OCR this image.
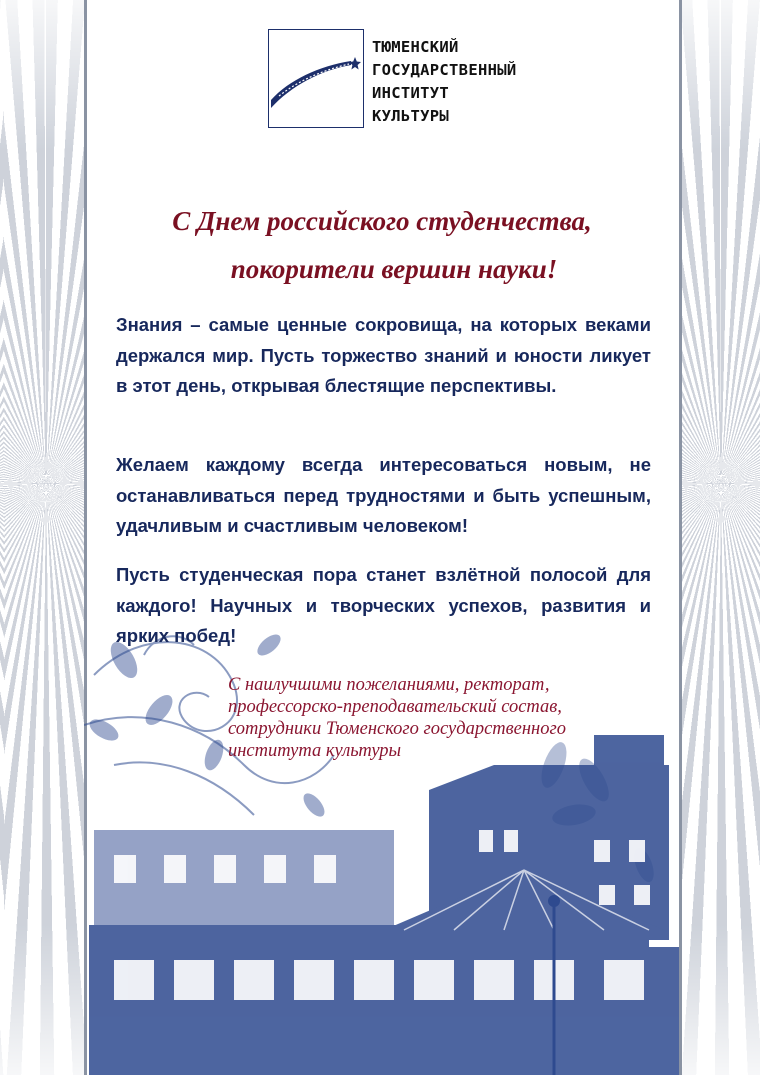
ТЮМЕНСКИЙ
ГОСУДАРСТВЕННЫЙ
ИНСТИТУТ
КУЛЬТУРЫ
С Днем российского студенчества,
покорители вершин науки!
Знания – самые ценные сокровища, на которых веками держался мир. Пусть торжество знаний и юности ликует в этот день, открывая блестящие перспективы.
Желаем каждому всегда интересоваться новым, не останавливаться перед трудностями и быть успешным, удачливым и счастливым человеком!
Пусть студенческая пора станет взлётной полосой для каждого! Научных и творческих успехов, развития и ярких побед!
С наилучшими пожеланиями, ректорат,
профессорско-преподавательский состав,
сотрудники Тюменского государственного
института культуры
